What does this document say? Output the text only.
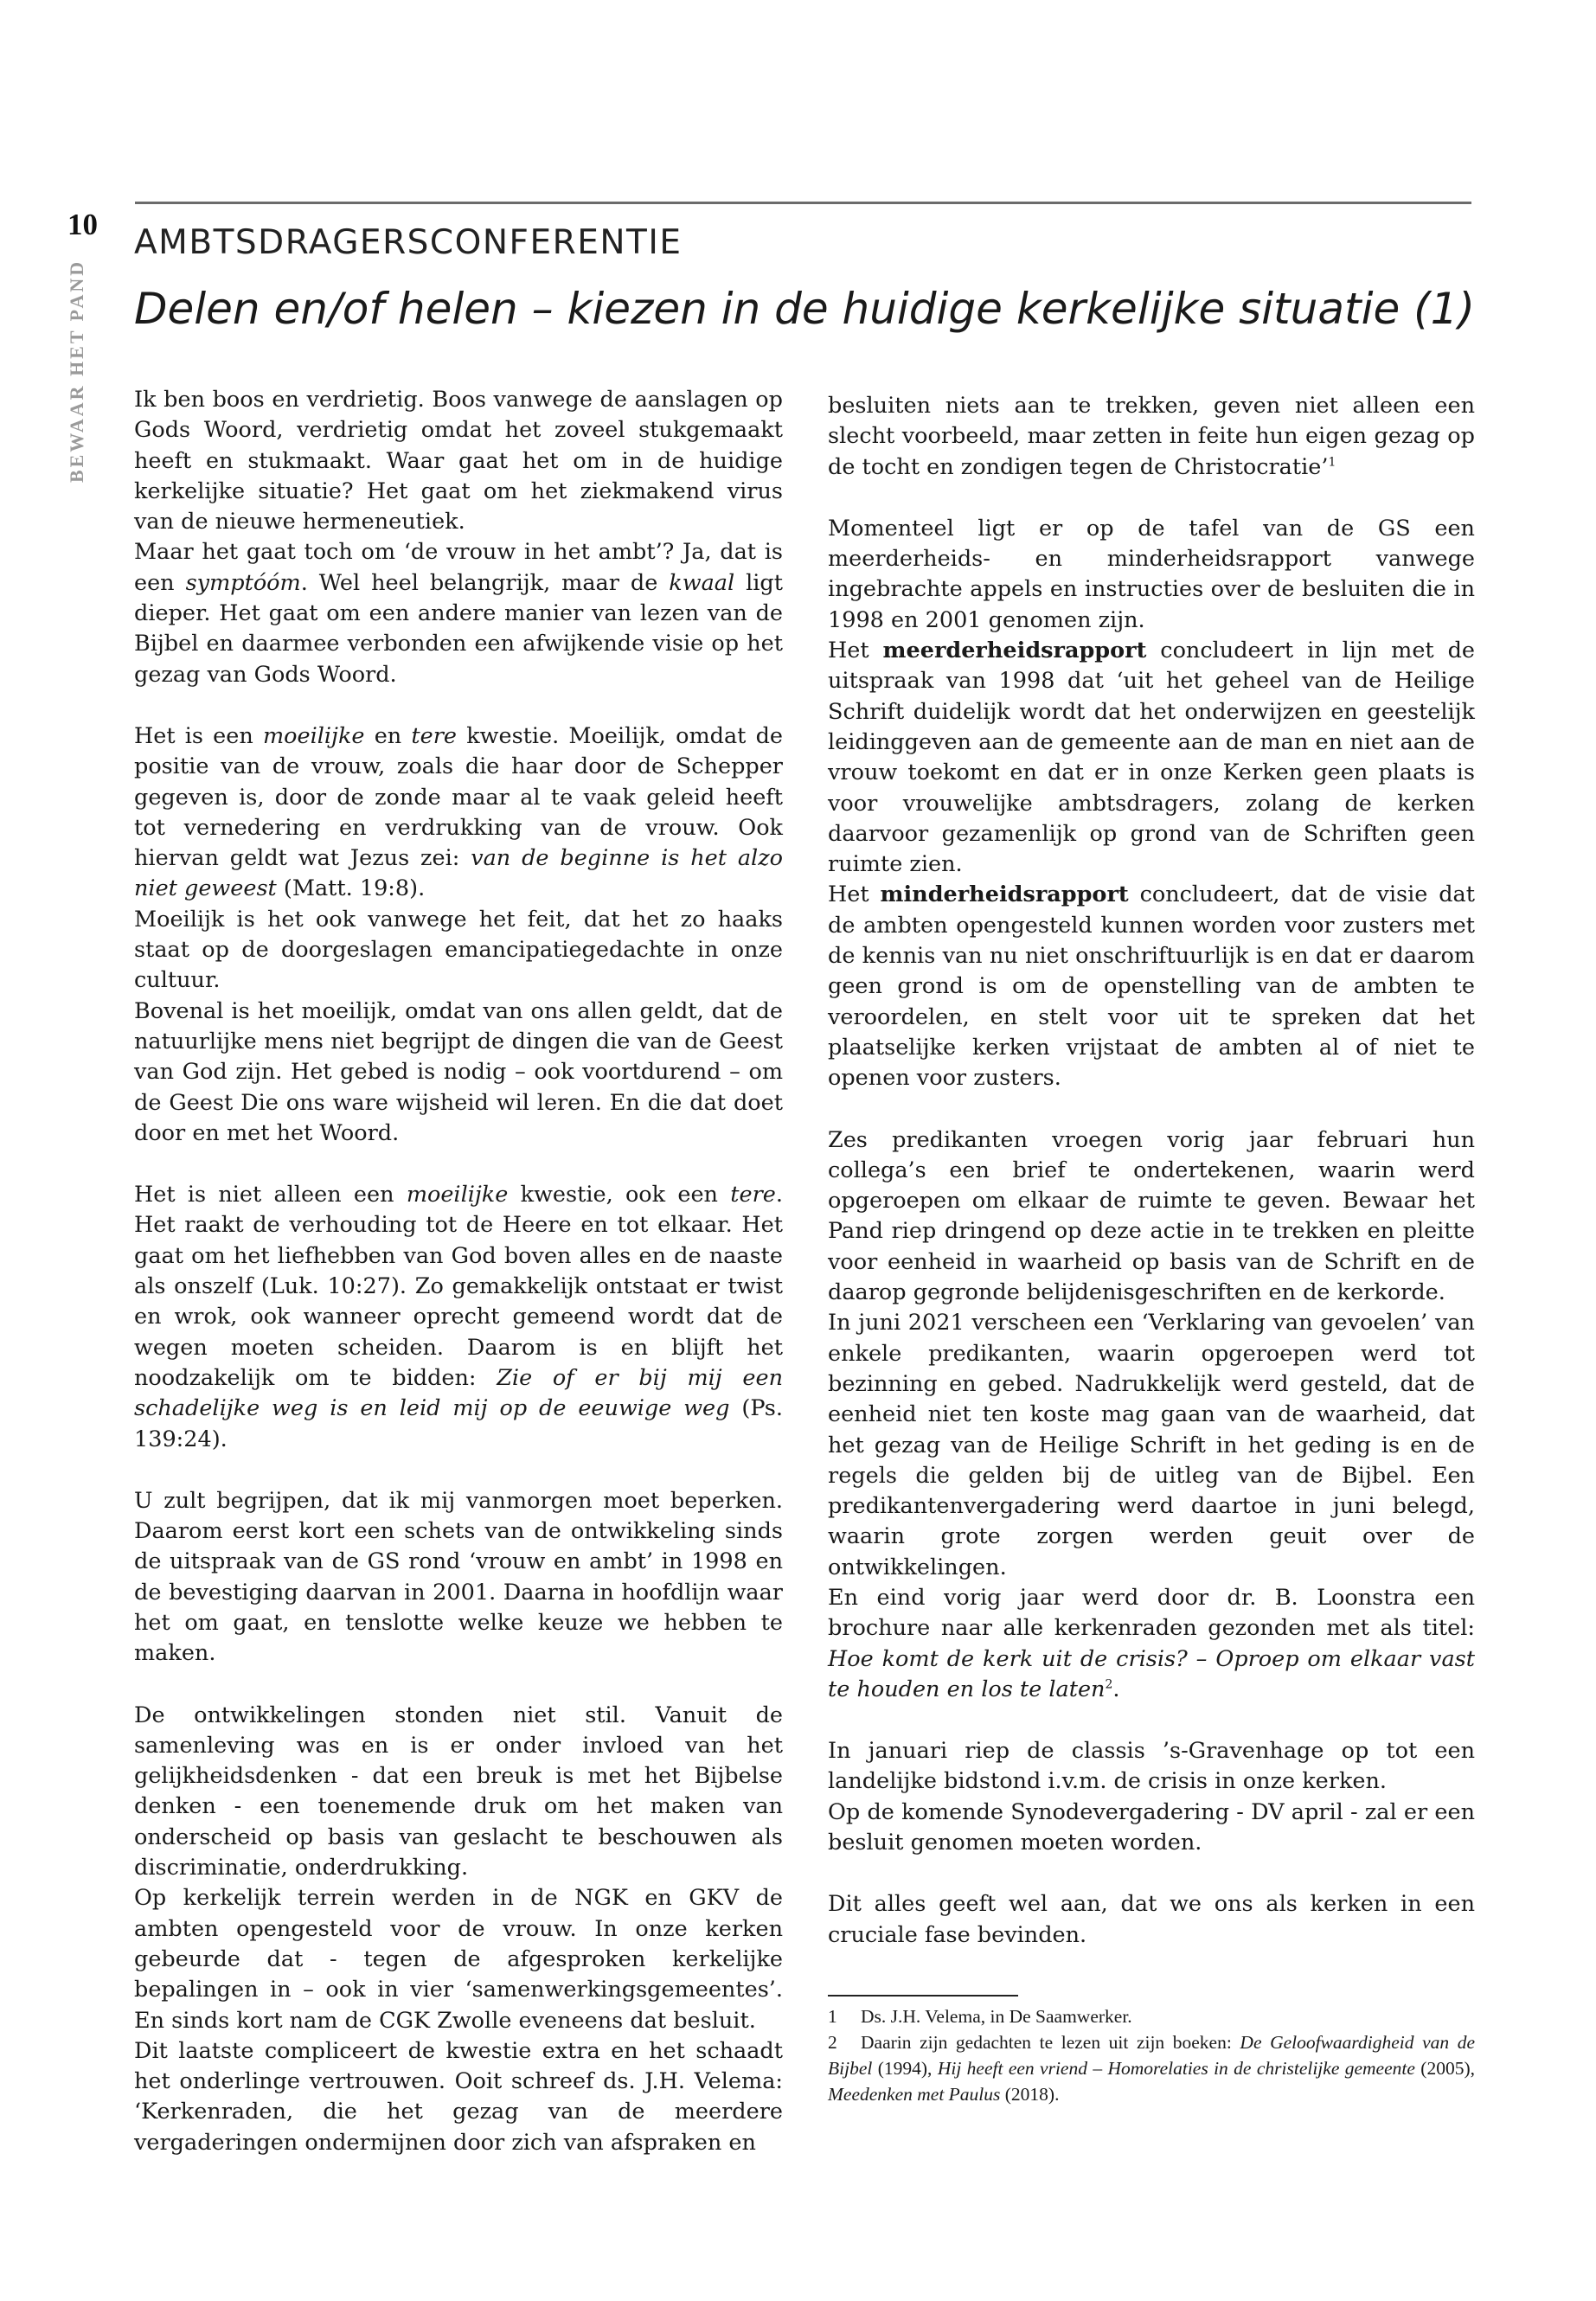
10
BEWAAR HET PAND
AMBTSDRAGERSCONFERENTIE
Delen en/of helen – kiezen in de huidige kerkelijke situatie (1)

Ik ben boos en verdrietig. Boos vanwege de aanslagen op Gods Woord, verdrietig omdat het zoveel stukgemaakt heeft en stukmaakt. Waar gaat het om in de huidige kerkelijke situatie? Het gaat om het ziekmakend virus van de nieuwe hermeneutiek.

Maar het gaat toch om ‘de vrouw in het ambt’? Ja, dat is een symptóóm. Wel heel belangrijk, maar de kwaal ligt dieper. Het gaat om een andere manier van lezen van de Bijbel en daarmee verbonden een afwijkende visie op het gezag van Gods Woord.

Het is een moeilijke en tere kwestie. Moeilijk, omdat de positie van de vrouw, zoals die haar door de Schepper gegeven is, door de zonde maar al te vaak geleid heeft tot vernedering en verdrukking van de vrouw. Ook hiervan geldt wat Jezus zei: van de beginne is het alzo niet geweest (Matt. 19:8).

Moeilijk is het ook vanwege het feit, dat het zo haaks staat op de doorgeslagen emancipatiegedachte in onze cultuur.

Bovenal is het moeilijk, omdat van ons allen geldt, dat de natuurlijke mens niet begrijpt de dingen die van de Geest van God zijn. Het gebed is nodig – ook voortdurend – om de Geest Die ons ware wijsheid wil leren. En die dat doet door en met het Woord.

Het is niet alleen een moeilijke kwestie, ook een tere. Het raakt de verhouding tot de Heere en tot elkaar. Het gaat om het liefhebben van God boven alles en de naaste als onszelf (Luk. 10:27). Zo gemakkelijk ontstaat er twist en wrok, ook wanneer oprecht gemeend wordt dat de wegen moeten scheiden. Daarom is en blijft het noodzakelijk om te bidden: Zie of er bij mij een schadelijke weg is en leid mij op de eeuwige weg (Ps. 139:24).

U zult begrijpen, dat ik mij vanmorgen moet beperken. Daarom eerst kort een schets van de ontwikkeling sinds de uitspraak van de GS rond ‘vrouw en ambt’ in 1998 en de bevestiging daarvan in 2001. Daarna in hoofdlijn waar het om gaat, en tenslotte welke keuze we hebben te maken.

De ontwikkelingen stonden niet stil. Vanuit de samenleving was en is er onder invloed van het gelijkheidsdenken - dat een breuk is met het Bijbelse denken - een toenemende druk om het maken van onderscheid op basis van geslacht te beschouwen als discriminatie, onderdrukking.

Op kerkelijk terrein werden in de NGK en GKV de ambten opengesteld voor de vrouw. In onze kerken gebeurde dat - tegen de afgesproken kerkelijke bepalingen in – ook in vier ‘samenwerkingsgemeentes’. En sinds kort nam de CGK Zwolle eveneens dat besluit.

Dit laatste compliceert de kwestie extra en het schaadt het onderlinge vertrouwen. Ooit schreef ds. J.H. Velema: ‘Kerkenraden, die het gezag van de meerdere vergaderingen ondermijnen door zich van afspraken en

besluiten niets aan te trekken, geven niet alleen een slecht voorbeeld, maar zetten in feite hun eigen gezag op de tocht en zondigen tegen de Christocratie’$^1$

Momenteel ligt er op de tafel van de GS een meerderheids- en minderheidsrapport vanwege ingebrachte appels en instructies over de besluiten die in 1998 en 2001 genomen zijn.

Het meerderheidsrapport concludeert in lijn met de uitspraak van 1998 dat ‘uit het geheel van de Heilige Schrift duidelijk wordt dat het onderwijzen en geestelijk leidinggeven aan de gemeente aan de man en niet aan de vrouw toekomt en dat er in onze Kerken geen plaats is voor vrouwelijke ambtsdragers, zolang de kerken daarvoor gezamenlijk op grond van de Schriften geen ruimte zien.

Het minderheidsrapport concludeert, dat de visie dat de ambten opengesteld kunnen worden voor zusters met de kennis van nu niet onschriftuurlijk is en dat er daarom geen grond is om de openstelling van de ambten te veroordelen, en stelt voor uit te spreken dat het plaatselijke kerken vrijstaat de ambten al of niet te openen voor zusters.

Zes predikanten vroegen vorig jaar februari hun collega’s een brief te ondertekenen, waarin werd opgeroepen om elkaar de ruimte te geven. Bewaar het Pand riep dringend op deze actie in te trekken en pleitte voor eenheid in waarheid op basis van de Schrift en de daarop gegronde belijdenisgeschriften en de kerkorde.

In juni 2021 verscheen een ‘Verklaring van gevoelen’ van enkele predikanten, waarin opgeroepen werd tot bezinning en gebed. Nadrukkelijk werd gesteld, dat de eenheid niet ten koste mag gaan van de waarheid, dat het gezag van de Heilige Schrift in het geding is en de regels die gelden bij de uitleg van de Bijbel. Een predikantenvergadering werd daartoe in juni belegd, waarin grote zorgen werden geuit over de ontwikkelingen.

En eind vorig jaar werd door dr. B. Loonstra een brochure naar alle kerkenraden gezonden met als titel: Hoe komt de kerk uit de crisis? – Oproep om elkaar vast te houden en los te laten$^2$.

In januari riep de classis ’s-Gravenhage op tot een landelijke bidstond i.v.m. de crisis in onze kerken.

Op de komende Synodevergadering - DV april - zal er een besluit genomen moeten worden.

Dit alles geeft wel aan, dat we ons als kerken in een cruciale fase bevinden.

1 Ds. J.H. Velema, in De Saamwerker.

2 Daarin zijn gedachten te lezen uit zijn boeken: De Geloofwaardigheid van de Bijbel (1994), Hij heeft een vriend – Homorelaties in de christelijke gemeente (2005), Meedenken met Paulus (2018).
